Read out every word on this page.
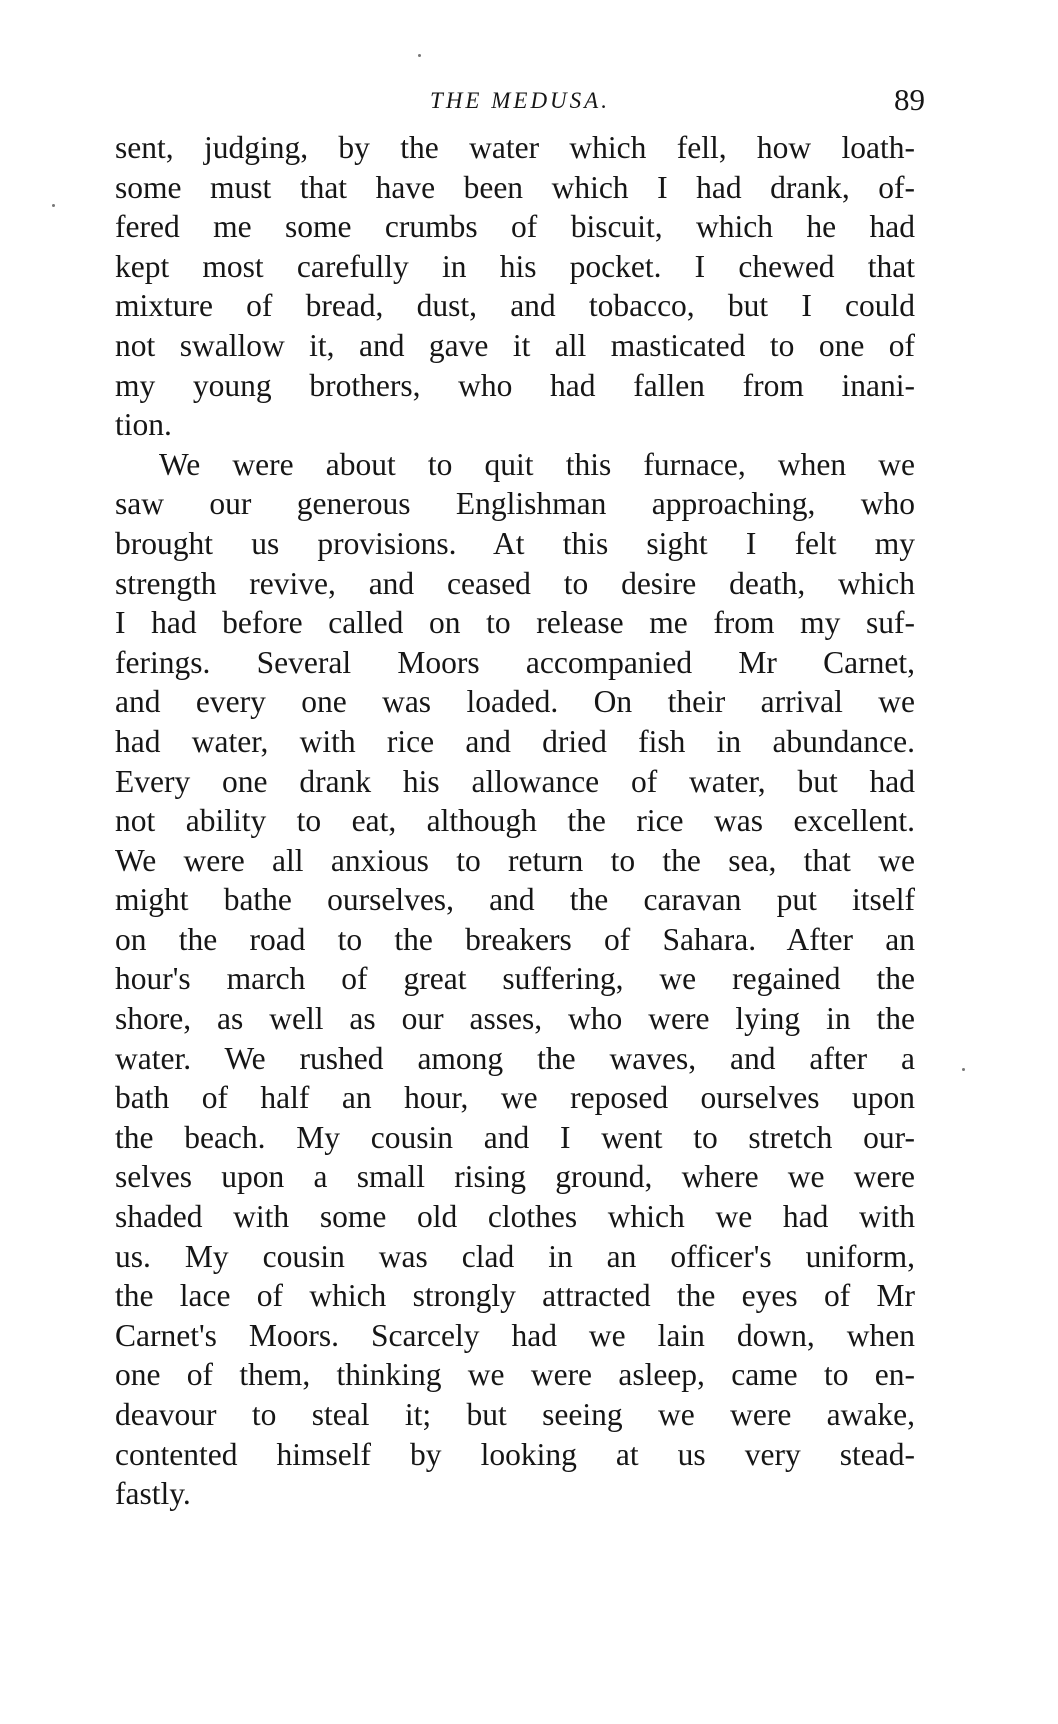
THE MEDUSA.	89
sent, judging, by the water which fell, how loath-
some must that have been which I had drank, of-
fered me some crumbs of biscuit, which he had
kept most carefully in his pocket. I chewed that
mixture of bread, dust, and tobacco, but I could
not swallow it, and gave it all masticated to one of
my young brothers, who had fallen from inani-
tion.
We were about to quit this furnace, when we
saw our generous Englishman approaching, who
brought us provisions. At this sight I felt my
strength revive, and ceased to desire death, which
I had before called on to release me from my suf-
ferings. Several Moors accompanied Mr Carnet,
and every one was loaded. On their arrival we
had water, with rice and dried fish in abundance.
Every one drank his allowance of water, but had
not ability to eat, although the rice was excellent.
We were all anxious to return to the sea, that we
might bathe ourselves, and the caravan put itself
on the road to the breakers of Sahara. After an
hour's march of great suffering, we regained the
shore, as well as our asses, who were lying in the
water. We rushed among the waves, and after a
bath of half an hour, we reposed ourselves upon
the beach. My cousin and I went to stretch our-
selves upon a small rising ground, where we were
shaded with some old clothes which we had with
us. My cousin was clad in an officer's uniform,
the lace of which strongly attracted the eyes of Mr
Carnet's Moors. Scarcely had we lain down, when
one of them, thinking we were asleep, came to en-
deavour to steal it; but seeing we were awake,
contented himself by looking at us very stead-
fastly.
